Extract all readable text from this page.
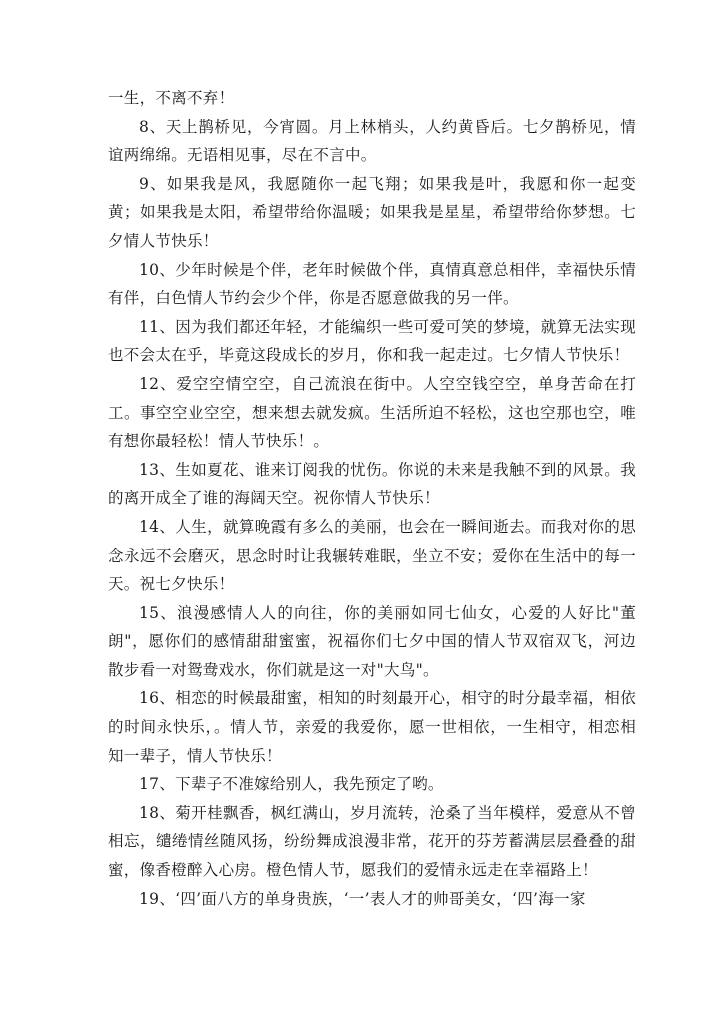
一生，不离不弃！

8、天上鹊桥见，今宵圆。月上林梢头，人约黄昏后。七夕鹊桥见，情谊两绵绵。无语相见事，尽在不言中。

9、如果我是风，我愿随你一起飞翔；如果我是叶，我愿和你一起变黄；如果我是太阳，希望带给你温暖；如果我是星星，希望带给你梦想。七夕情人节快乐！

10、少年时候是个伴，老年时候做个伴，真情真意总相伴，幸福快乐情有伴，白色情人节约会少个伴，你是否愿意做我的另一伴。

11、因为我们都还年轻，才能编织一些可爱可笑的梦境，就算无法实现也不会太在乎，毕竟这段成长的岁月，你和我一起走过。七夕情人节快乐！

12、爱空空情空空，自己流浪在街中。人空空钱空空，单身苦命在打工。事空空业空空，想来想去就发疯。生活所迫不轻松，这也空那也空，唯有想你最轻松！情人节快乐！。

13、生如夏花、谁来订阅我的忧伤。你说的未来是我触不到的风景。我的离开成全了谁的海阔天空。祝你情人节快乐！

14、人生，就算晚霞有多么的美丽，也会在一瞬间逝去。而我对你的思念永远不会磨灭，思念时时让我辗转难眠，坐立不安；爱你在生活中的每一天。祝七夕快乐！

15、浪漫感情人人的向往，你的美丽如同七仙女，心爱的人好比"董朗"，愿你们的感情甜甜蜜蜜，祝福你们七夕中国的情人节双宿双飞，河边散步看一对鸳鸯戏水，你们就是这一对"大鸟"。

16、相恋的时候最甜蜜，相知的时刻最开心，相守的时分最幸福，相依的时间永快乐，。情人节，亲爱的我爱你，愿一世相依，一生相守，相恋相知一辈子，情人节快乐！

17、下辈子不准嫁给别人，我先预定了哟。

18、菊开桂飘香，枫红满山，岁月流转，沧桑了当年模样，爱意从不曾相忘，缱绻情丝随风扬，纷纷舞成浪漫非常，花开的芬芳蓄满层层叠叠的甜蜜，像香橙醉入心房。橙色情人节，愿我们的爱情永远走在幸福路上！

19、‘四’面八方的单身贵族，‘一’表人才的帅哥美女，‘四’海一家
